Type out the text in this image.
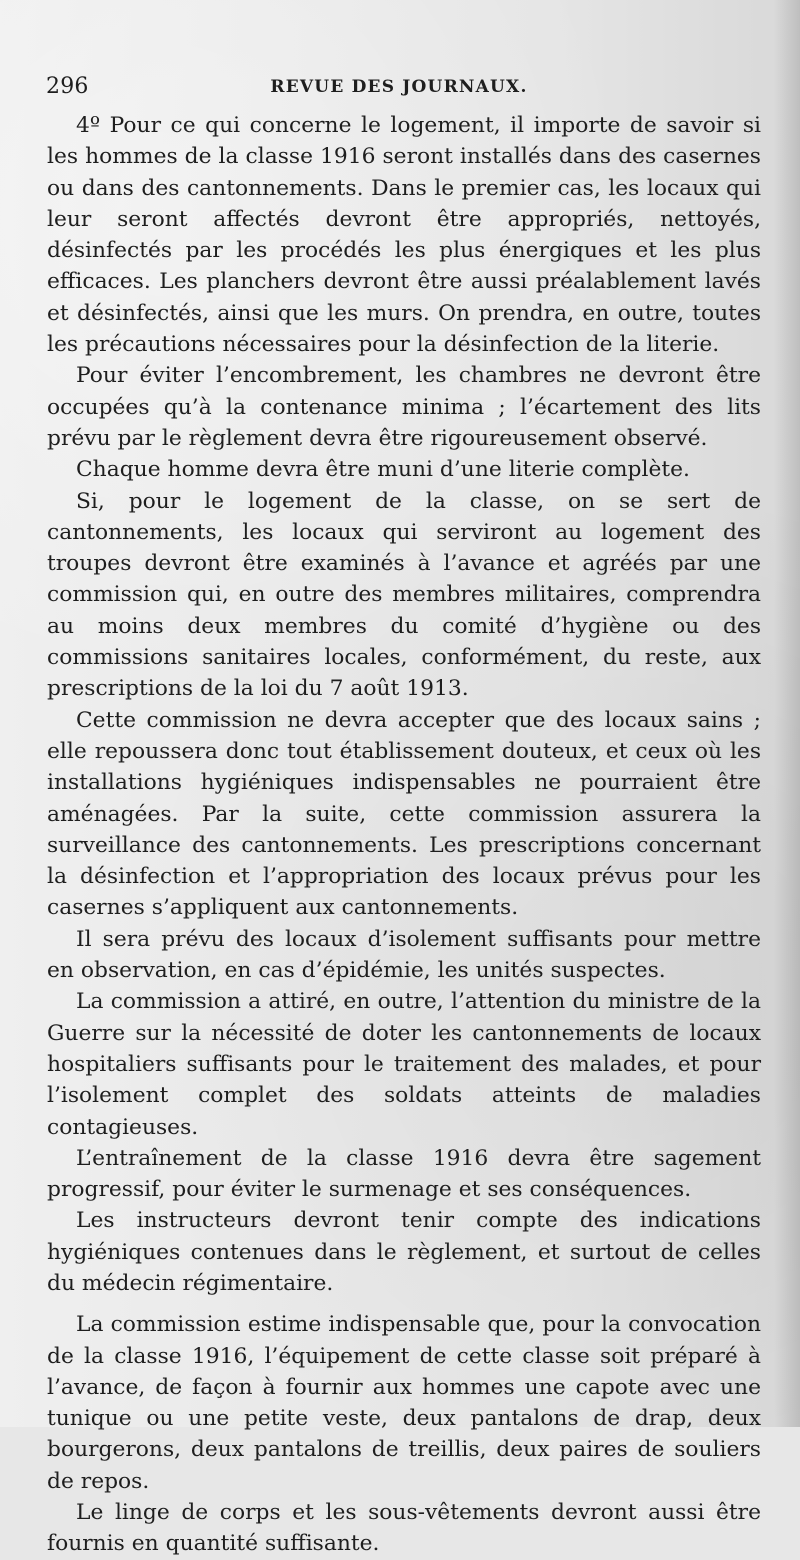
296	REVUE DES JOURNAUX.

4º Pour ce qui concerne le logement, il importe de savoir si les hommes de la classe 1916 seront installés dans des casernes ou dans des cantonnements. Dans le premier cas, les locaux qui leur seront affectés devront être appropriés, nettoyés, désinfectés par les procédés les plus énergiques et les plus efficaces. Les planchers devront être aussi préalablement lavés et désinfectés, ainsi que les murs. On prendra, en outre, toutes les précautions nécessaires pour la désinfection de la literie.

Pour éviter l’encombrement, les chambres ne devront être occupées qu’à la contenance minima ; l’écartement des lits prévu par le règlement devra être rigoureusement observé.

Chaque homme devra être muni d’une literie complète.

Si, pour le logement de la classe, on se sert de cantonnements, les locaux qui serviront au logement des troupes devront être examinés à l’avance et agréés par une commission qui, en outre des membres militaires, comprendra au moins deux membres du comité d’hygiène ou des commissions sanitaires locales, conformément, du reste, aux prescriptions de la loi du 7 août 1913.

Cette commission ne devra accepter que des locaux sains ; elle repoussera donc tout établissement douteux, et ceux où les installations hygiéniques indispensables ne pourraient être aménagées. Par la suite, cette commission assurera la surveillance des cantonnements. Les prescriptions concernant la désinfection et l’appropriation des locaux prévus pour les casernes s’appliquent aux cantonnements.

Il sera prévu des locaux d’isolement suffisants pour mettre en observation, en cas d’épidémie, les unités suspectes.

La commission a attiré, en outre, l’attention du ministre de la Guerre sur la nécessité de doter les cantonnements de locaux hospitaliers suffisants pour le traitement des malades, et pour l’isolement complet des soldats atteints de maladies contagieuses.

L’entraînement de la classe 1916 devra être sagement progressif, pour éviter le surmenage et ses conséquences.

Les instructeurs devront tenir compte des indications hygiéniques contenues dans le règlement, et surtout de celles du médecin régimentaire.

La commission estime indispensable que, pour la convocation de la classe 1916, l’équipement de cette classe soit préparé à l’avance, de façon à fournir aux hommes une capote avec une tunique ou une petite veste, deux pantalons de drap, deux bourgerons, deux pantalons de treillis, deux paires de souliers de repos.

Le linge de corps et les sous-vêtements devront aussi être fournis en quantité suffisante.
